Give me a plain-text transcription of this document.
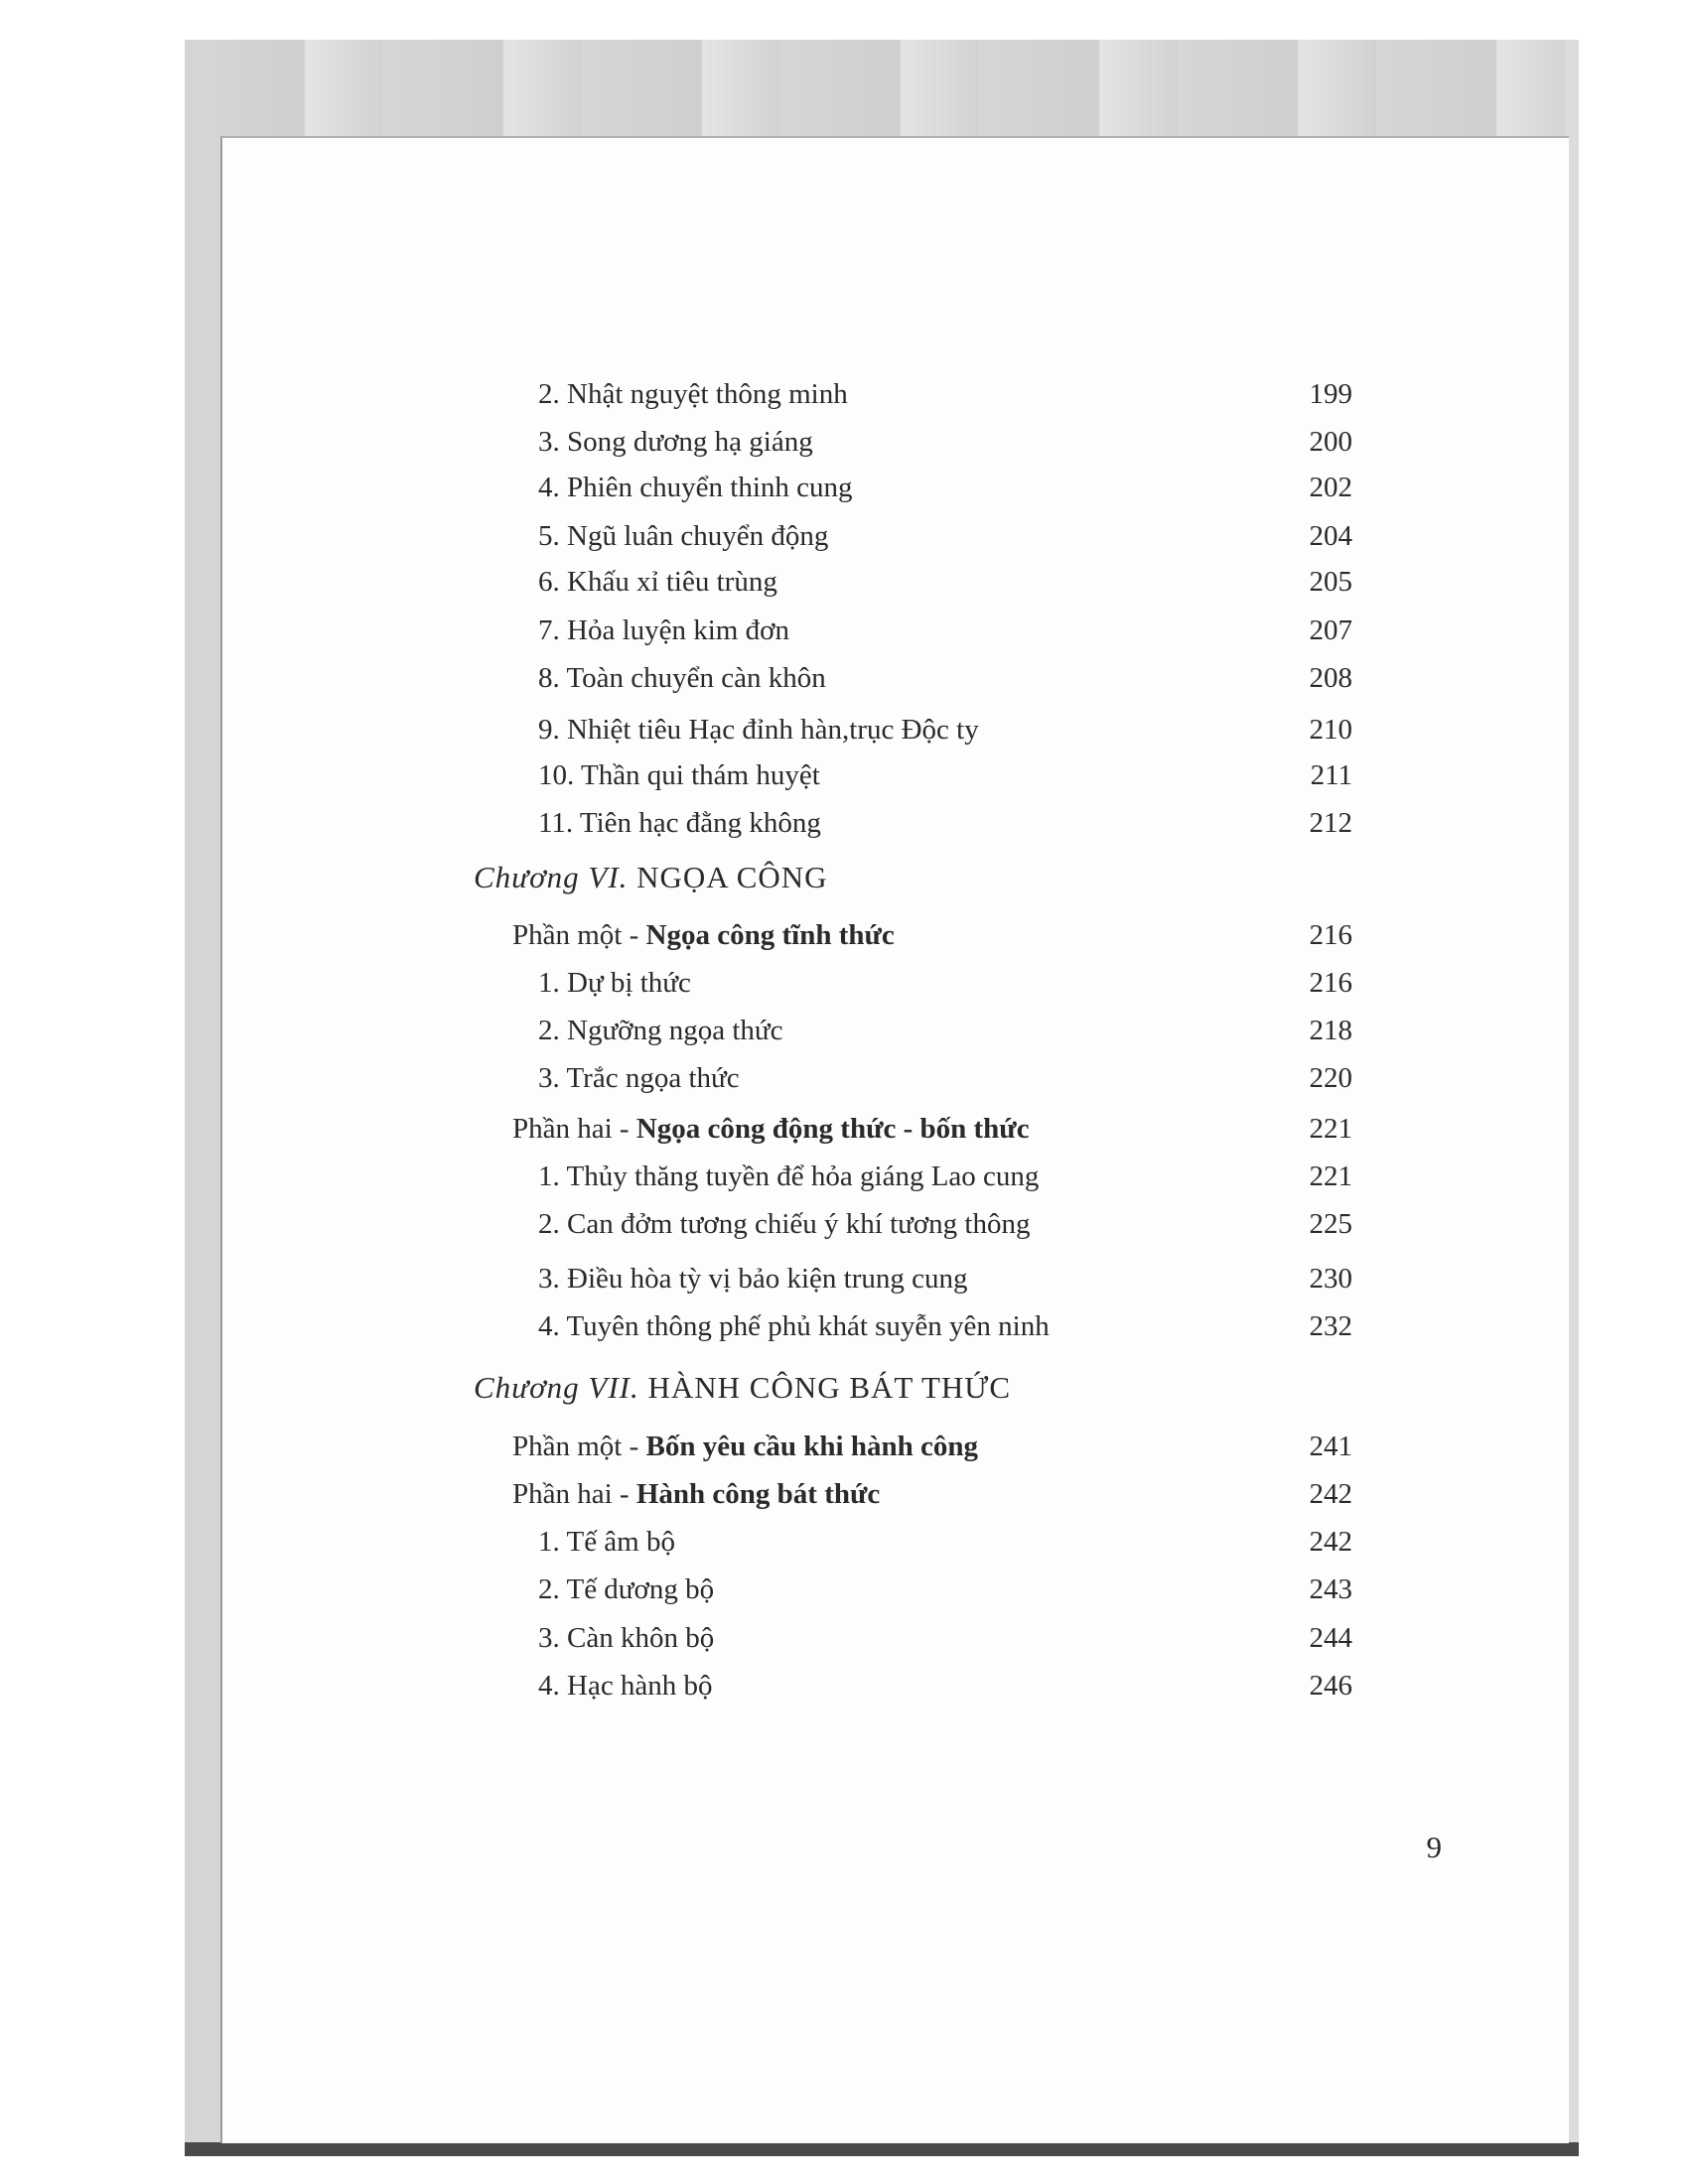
2. Nhật nguyệt thông minh	199
3. Song dương hạ giáng	200
4. Phiên chuyển thinh cung	202
5. Ngũ luân chuyển động	204
6. Khấu xỉ tiêu trùng	205
7. Hỏa luyện kim đơn	207
8. Toàn chuyển càn khôn	208
9. Nhiệt tiêu Hạc đỉnh hàn,trục Độc ty	210
10. Thần qui thám huyệt	211
11. Tiên hạc đằng không	212
Chương VI. NGỌA CÔNG
Phần một - Ngọa công tĩnh thức	216
1. Dự bị thức	216
2. Ngưỡng ngọa thức	218
3. Trắc ngọa thức	220
Phần hai - Ngọa công động thức - bốn thức	221
1. Thủy thăng tuyền để hỏa giáng Lao cung	221
2. Can đởm tương chiếu ý khí tương thông	225
3. Điều hòa tỳ vị bảo kiện trung cung	230
4. Tuyên thông phế phủ khát suyễn yên ninh	232
Chương VII. HÀNH CÔNG BÁT THỨC
Phần một - Bốn yêu cầu khi hành công	241
Phần hai - Hành công bát thức	242
1. Tế âm bộ	242
2. Tế dương bộ	243
3. Càn khôn bộ	244
4. Hạc hành bộ	246
9
